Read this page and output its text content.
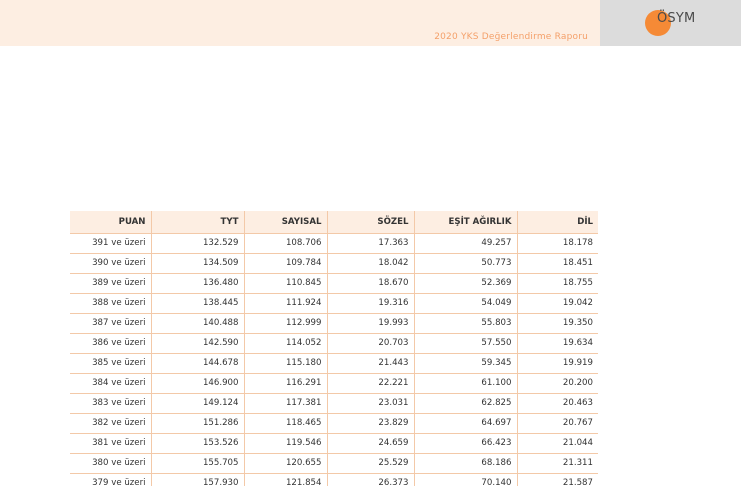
2020 YKS Değerlendirme Raporu
ÖSYM
PUAN	TYT	SAYISAL	SÖZEL	EŞİT AĞIRLIK	DİL
391 ve üzeri	132.529	108.706	17.363	49.257	18.178
390 ve üzeri	134.509	109.784	18.042	50.773	18.451
389 ve üzeri	136.480	110.845	18.670	52.369	18.755
388 ve üzeri	138.445	111.924	19.316	54.049	19.042
387 ve üzeri	140.488	112.999	19.993	55.803	19.350
386 ve üzeri	142.590	114.052	20.703	57.550	19.634
385 ve üzeri	144.678	115.180	21.443	59.345	19.919
384 ve üzeri	146.900	116.291	22.221	61.100	20.200
383 ve üzeri	149.124	117.381	23.031	62.825	20.463
382 ve üzeri	151.286	118.465	23.829	64.697	20.767
381 ve üzeri	153.526	119.546	24.659	66.423	21.044
380 ve üzeri	155.705	120.655	25.529	68.186	21.311
379 ve üzeri	157.930	121.854	26.373	70.140	21.587
